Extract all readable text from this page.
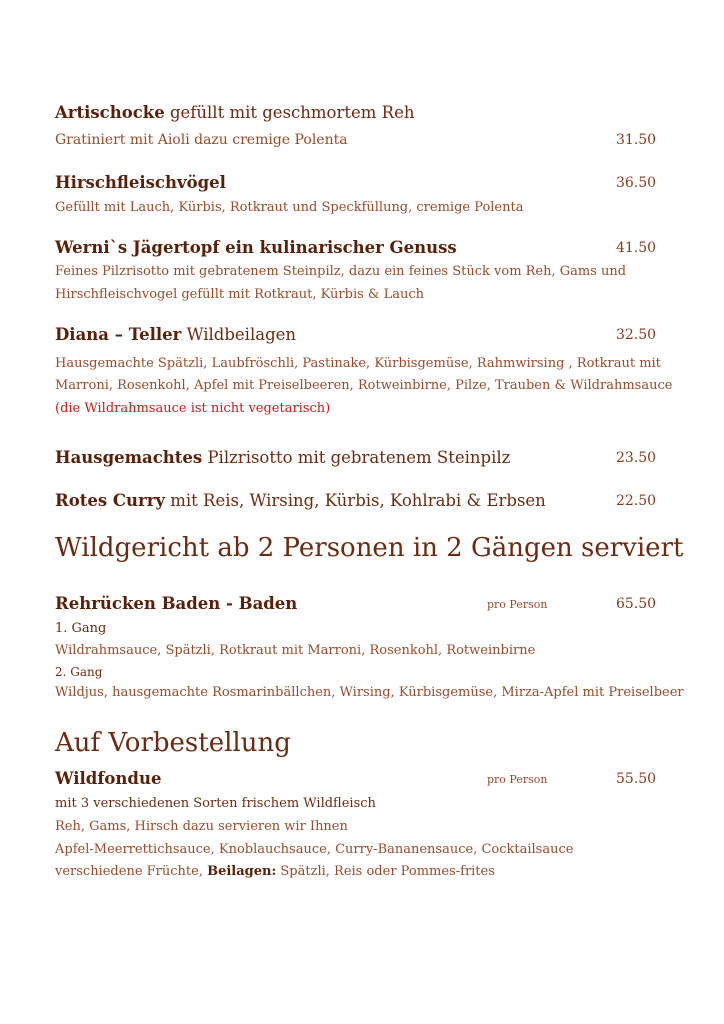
Artischocke gefüllt mit geschmortem Reh
Gratiniert mit Aioli dazu cremige Polenta	31.50
Hirschfleischvögel	36.50
Gefüllt mit Lauch, Kürbis, Rotkraut und Speckfüllung, cremige Polenta
Werni`s Jägertopf ein kulinarischer Genuss	41.50
Feines Pilzrisotto mit gebratenem Steinpilz, dazu ein feines Stück vom Reh, Gams und
Hirschfleischvogel gefüllt mit Rotkraut, Kürbis & Lauch
Diana – Teller Wildbeilagen	32.50
Hausgemachte Spätzli, Laubfröschli, Pastinake, Kürbisgemüse, Rahmwirsing , Rotkraut mit
Marroni, Rosenkohl, Apfel mit Preiselbeeren, Rotweinbirne, Pilze, Trauben & Wildrahmsauce
(die Wildrahmsauce ist nicht vegetarisch)
Hausgemachtes Pilzrisotto mit gebratenem Steinpilz	23.50
Rotes Curry mit Reis, Wirsing, Kürbis, Kohlrabi & Erbsen	22.50
Wildgericht ab 2 Personen in 2 Gängen serviert
Rehrücken Baden - Baden	pro Person	65.50
1. Gang
Wildrahmsauce, Spätzli, Rotkraut mit Marroni, Rosenkohl, Rotweinbirne
2. Gang
Wildjus, hausgemachte Rosmarinbällchen, Wirsing, Kürbisgemüse, Mirza-Apfel mit Preiselbeer
Auf Vorbestellung
Wildfondue	pro Person	55.50
mit 3 verschiedenen Sorten frischem Wildfleisch
Reh, Gams, Hirsch dazu servieren wir Ihnen
Apfel-Meerrettichsauce, Knoblauchsauce, Curry-Bananensauce, Cocktailsauce
verschiedene Früchte, Beilagen: Spätzli, Reis oder Pommes-frites
